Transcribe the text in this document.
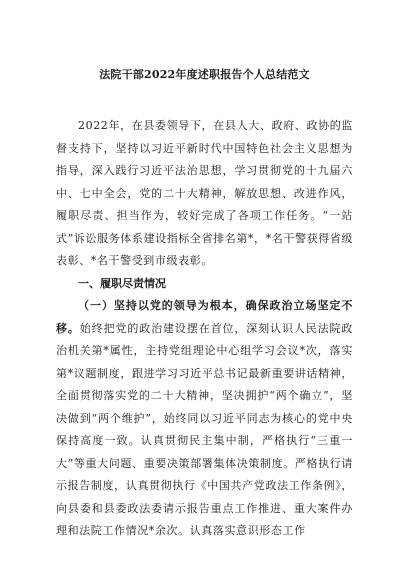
法院干部2022年度述职报告个人总结范文

2022年，在县委领导下，在县人大、政府、政协的监督支持下，坚持以习近平新时代中国特色社会主义思想为指导，深入践行习近平法治思想，学习贯彻党的十九届六中、七中全会，党的二十大精神，解放思想、改进作风，履职尽责、担当作为，较好完成了各项工作任务。“一站式”诉讼服务体系建设指标全省排名第*，*名干警获得省级表彰、*名干警受到市级表彰。

一、履职尽责情况

（一）坚持以党的领导为根本，确保政治立场坚定不移。始终把党的政治建设摆在首位，深刻认识人民法院政治机关第*属性，主持党组理论中心组学习会议*次，落实第*议题制度，跟进学习习近平总书记最新重要讲话精神，全面贯彻落实党的二十大精神，坚决拥护“两个确立”，坚决做到“两个维护”，始终同以习近平同志为核心的党中央保持高度一致。认真贯彻民主集中制，严格执行“三重一大”等重大问题、重要决策部署集体决策制度。严格执行请示报告制度，认真贯彻执行《中国共产党政法工作条例》，向县委和县委政法委请示报告重点工作推进、重大案件办理和法院工作情况*余次。认真落实意识形态工作
